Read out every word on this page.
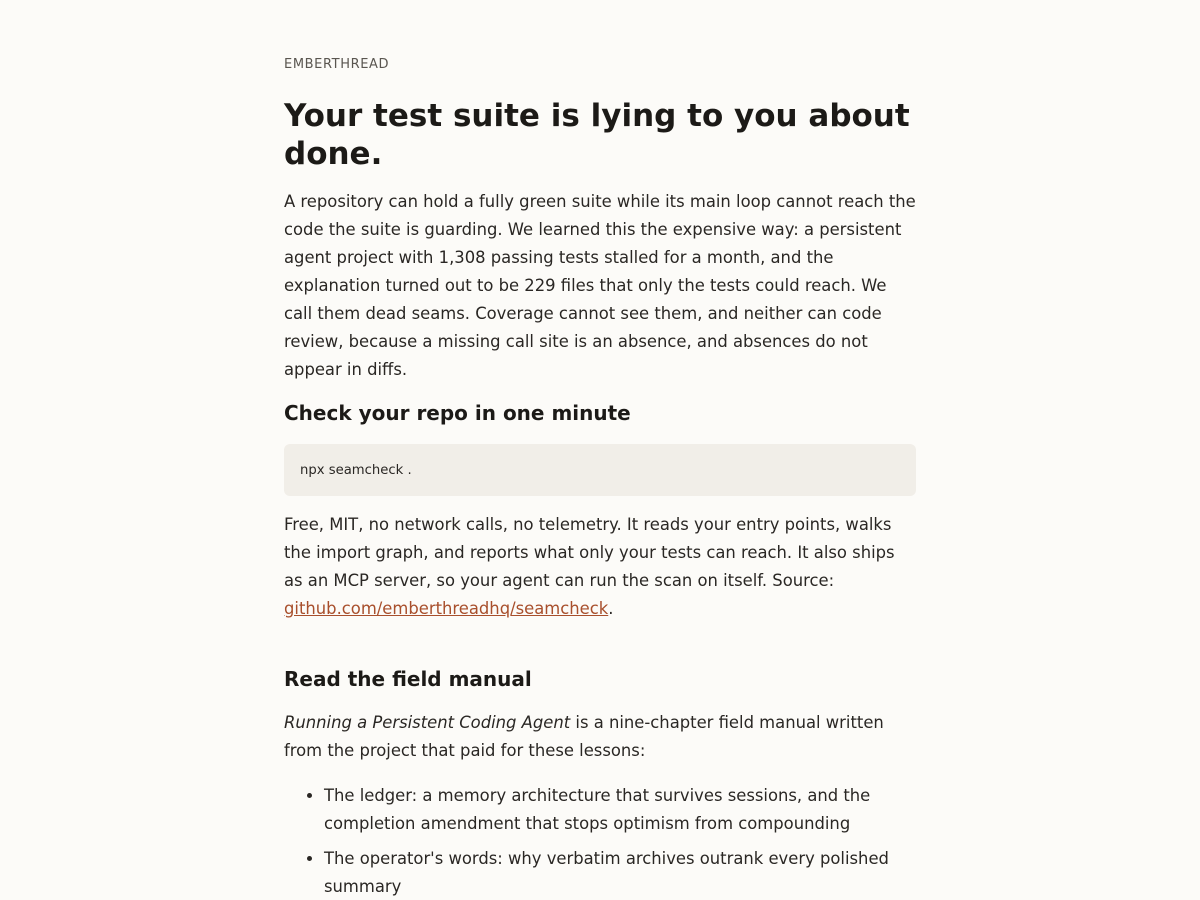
EMBERTHREAD
Your test suite is lying to you about done.

A repository can hold a fully green suite while its main loop cannot reach the code the suite is guarding. We learned this the expensive way: a persistent agent project with 1,308 passing tests stalled for a month, and the explanation turned out to be 229 files that only the tests could reach. We call them dead seams. Coverage cannot see them, and neither can code review, because a missing call site is an absence, and absences do not appear in diffs.

Check your repo in one minute
npx seamcheck .

Free, MIT, no network calls, no telemetry. It reads your entry points, walks the import graph, and reports what only your tests can reach. It also ships as an MCP server, so your agent can run the scan on itself. Source: github.com/emberthreadhq/seamcheck.

Read the field manual

Running a Persistent Coding Agent is a nine-chapter field manual written from the project that paid for these lessons:

• The ledger: a memory architecture that survives sessions, and the completion amendment that stops optimism from compounding
• The operator's words: why verbatim archives outrank every polished summary
